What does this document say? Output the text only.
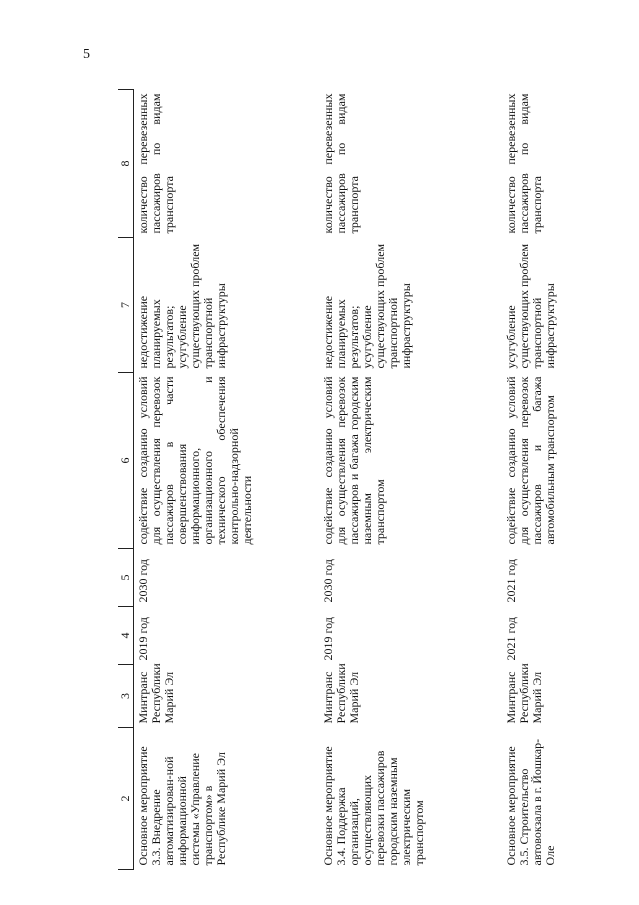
5
2	3	4	5	6	7	8
Основное мероприятие 3.3. Внедрение автоматизирован-ной информационной системы «Управление транспортом» в Республике Марий Эл	Минтранс Республики Марий Эл	2019 год	2030 год	содействие созданию условий для осуществления перевозок пассажиров в части совершенствования информационного, организационного и технического обеспечения контрольно-надзорной деятельности	недостижение планируемых результатов; усугубление существующих проблем транспортной инфраструктуры	количество перевезенных пассажиров по видам транспорта
Основное мероприятие 3.4. Поддержка организаций, осуществляющих перевозки пассажиров городским наземным электрическим транспортом	Минтранс Республики Марий Эл	2019 год	2030 год	содействие созданию условий для осуществления перевозок пассажиров и багажа городским наземным электрическим транспортом	недостижение планируемых результатов; усугубление существующих проблем транспортной инфраструктуры	количество перевезенных пассажиров по видам транспорта
Основное мероприятие 3.5. Строительство автовокзала в г. Йошкар-Оле	Минтранс Республики Марий Эл	2021 год	2021 год	содействие созданию условий для осуществления перевозок пассажиров и багажа автомобильным транспортом	усугубление существующих проблем транспортной инфраструктуры	количество перевезенных пассажиров по видам транспорта
